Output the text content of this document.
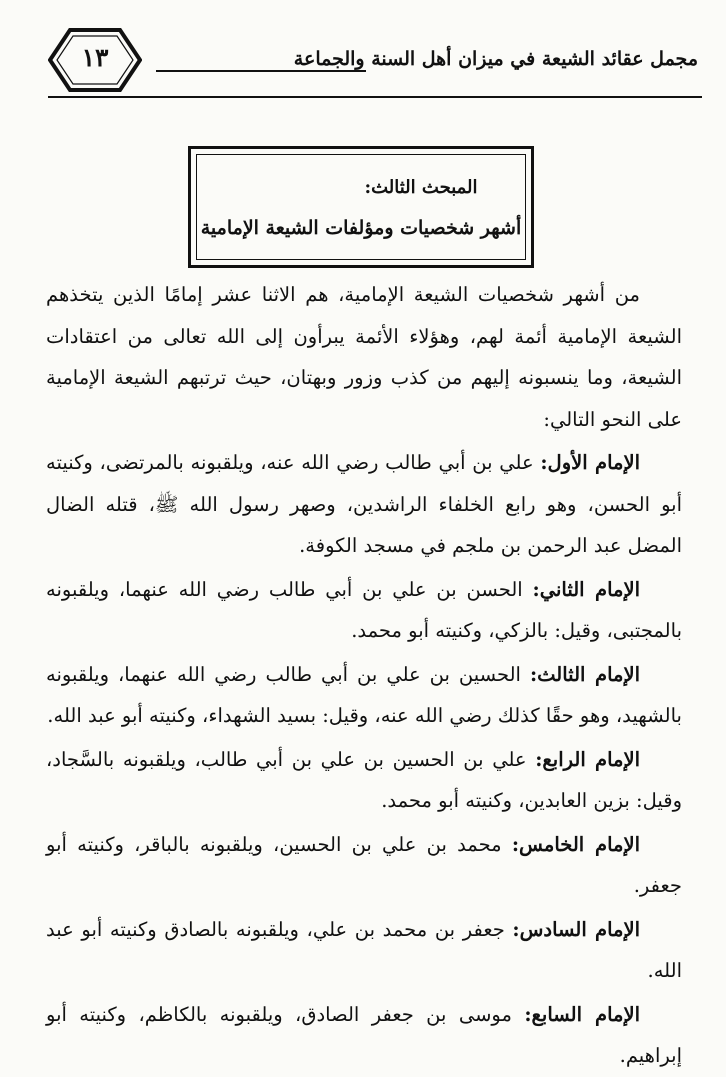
مجمل عقائد الشيعة في ميزان أهل السنة والجماعة
١٣
المبحث الثالث:
أشهر شخصيات ومؤلفات الشيعة الإمامية

من أشهر شخصيات الشيعة الإمامية، هم الاثنا عشر إمامًا الذين يتخذهم الشيعة الإمامية أئمة لهم، وهؤلاء الأئمة يبرأون إلى الله تعالى من اعتقادات الشيعة، وما ينسبونه إليهم من كذب وزور وبهتان، حيث ترتبهم الشيعة الإمامية على النحو التالي:

الإمام الأول: علي بن أبي طالب رضي الله عنه، ويلقبونه بالمرتضى، وكنيته أبو الحسن، وهو رابع الخلفاء الراشدين، وصهر رسول الله ﷺ، قتله الضال المضل عبد الرحمن بن ملجم في مسجد الكوفة.

الإمام الثاني: الحسن بن علي بن أبي طالب رضي الله عنهما، ويلقبونه بالمجتبى، وقيل: بالزكي، وكنيته أبو محمد.

الإمام الثالث: الحسين بن علي بن أبي طالب رضي الله عنهما، ويلقبونه بالشهيد، وهو حقًا كذلك رضي الله عنه، وقيل: بسيد الشهداء، وكنيته أبو عبد الله.

الإمام الرابع: علي بن الحسين بن علي بن أبي طالب، ويلقبونه بالسَّجاد، وقيل: بزين العابدين، وكنيته أبو محمد.

الإمام الخامس: محمد بن علي بن الحسين، ويلقبونه بالباقر، وكنيته أبو جعفر.

الإمام السادس: جعفر بن محمد بن علي، ويلقبونه بالصادق وكنيته أبو عبد الله.

الإمام السابع: موسى بن جعفر الصادق، ويلقبونه بالكاظم، وكنيته أبو إبراهيم.
